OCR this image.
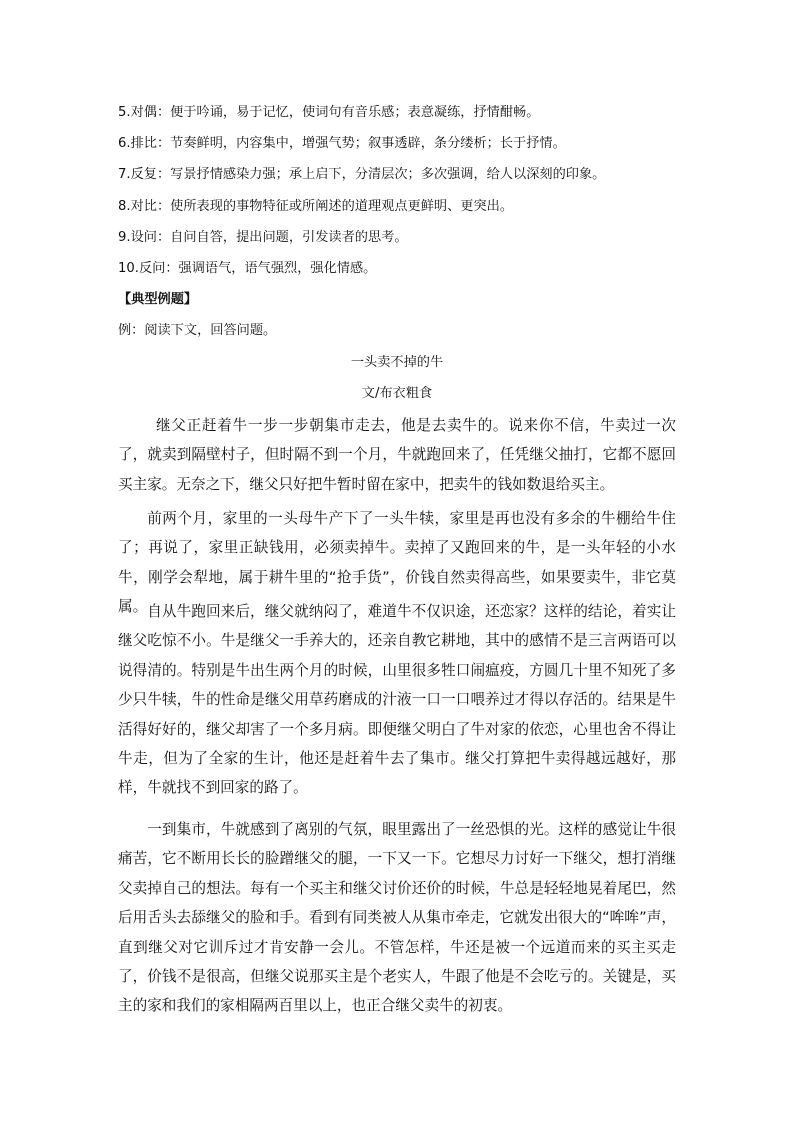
5.对偶：便于吟诵，易于记忆，使词句有音乐感；表意凝练，抒情酣畅。
6.排比：节奏鲜明，内容集中，增强气势；叙事透辟，条分缕析；长于抒情。
7.反复：写景抒情感染力强；承上启下，分清层次；多次强调，给人以深刻的印象。
8.对比：使所表现的事物特征或所阐述的道理观点更鲜明、更突出。
9.设问：自问自答，提出问题，引发读者的思考。
10.反问：强调语气，语气强烈，强化情感。
【典型例题】
例：阅读下文，回答问题。
一头卖不掉的牛
文/布衣粗食
继父正赶着牛一步一步朝集市走去，他是去卖牛的。说来你不信，牛卖过一次了，就卖到隔壁村子，但时隔不到一个月，牛就跑回来了，任凭继父抽打，它都不愿回买主家。无奈之下，继父只好把牛暂时留在家中，把卖牛的钱如数退给买主。
前两个月，家里的一头母牛产下了一头牛犊，家里是再也没有多余的牛棚给牛住了；再说了，家里正缺钱用，必须卖掉牛。卖掉了又跑回来的牛，是一头年轻的小水牛，刚学会犁地，属于耕牛里的“抢手货”，价钱自然卖得高些，如果要卖牛，非它莫属。 自从牛跑回来后，继父就纳闷了，难道牛不仅识途，还恋家？这样的结论，着实让继父吃惊不小。牛是继父一手养大的，还亲自教它耕地，其中的感情不是三言两语可以说得清的。特别是牛出生两个月的时候，山里很多牲口闹瘟疫，方圆几十里不知死了多少只牛犊，牛的性命是继父用草药磨成的汁液一口一口喂养过才得以存活的。结果是牛活得好好的，继父却害了一个多月病。即便继父明白了牛对家的依恋，心里也舍不得让牛走，但为了全家的生计，他还是赶着牛去了集市。继父打算把牛卖得越远越好，那样，牛就找不到回家的路了。
一到集市，牛就感到了离别的气氛，眼里露出了一丝恐惧的光。这样的感觉让牛很痛苦，它不断用长长的脸蹭继父的腿，一下又一下。它想尽力讨好一下继父，想打消继父卖掉自己的想法。每有一个买主和继父讨价还价的时候，牛总是轻轻地晃着尾巴，然后用舌头去舔继父的脸和手。看到有同类被人从集市牵走，它就发出很大的“哞哞”声，直到继父对它训斥过才肯安静一会儿。不管怎样，牛还是被一个远道而来的买主买走了，价钱不是很高，但继父说那买主是个老实人，牛跟了他是不会吃亏的。关键是，买主的家和我们的家相隔两百里以上，也正合继父卖牛的初衷。
